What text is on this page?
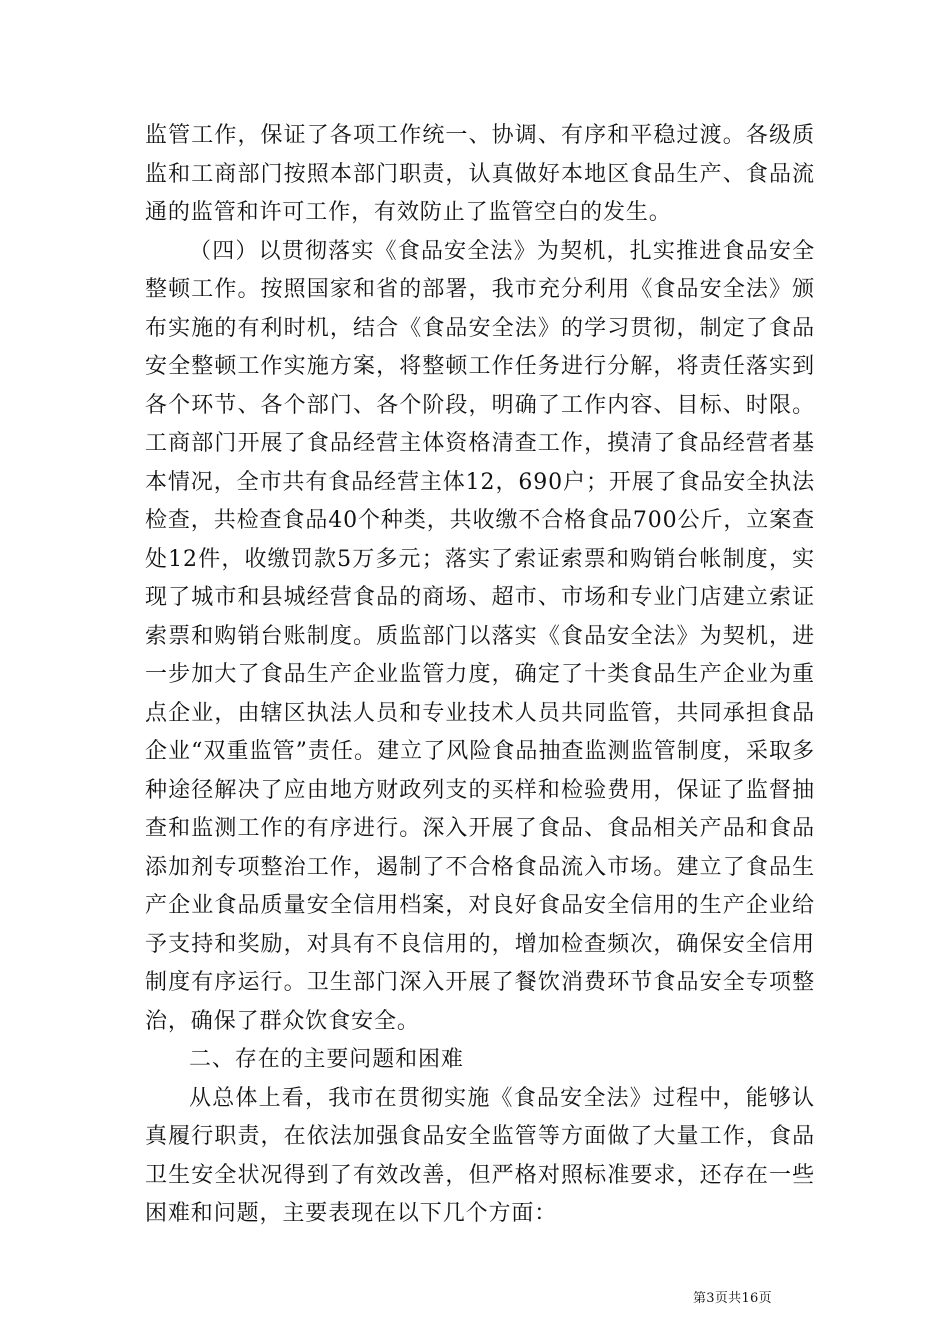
监管工作，保证了各项工作统一、协调、有序和平稳过渡。各级质监和工商部门按照本部门职责，认真做好本地区食品生产、食品流通的监管和许可工作，有效防止了监管空白的发生。

（四）以贯彻落实《食品安全法》为契机，扎实推进食品安全整顿工作。按照国家和省的部署，我市充分利用《食品安全法》颁布实施的有利时机，结合《食品安全法》的学习贯彻，制定了食品安全整顿工作实施方案，将整顿工作任务进行分解，将责任落实到各个环节、各个部门、各个阶段，明确了工作内容、目标、时限。工商部门开展了食品经营主体资格清查工作，摸清了食品经营者基本情况，全市共有食品经营主体12，690户；开展了食品安全执法检查，共检查食品40个种类，共收缴不合格食品700公斤，立案查处12件，收缴罚款5万多元；落实了索证索票和购销台帐制度，实现了城市和县城经营食品的商场、超市、市场和专业门店建立索证索票和购销台账制度。质监部门以落实《食品安全法》为契机，进一步加大了食品生产企业监管力度，确定了十类食品生产企业为重点企业，由辖区执法人员和专业技术人员共同监管，共同承担食品企业“双重监管”责任。建立了风险食品抽查监测监管制度，采取多种途径解决了应由地方财政列支的买样和检验费用，保证了监督抽查和监测工作的有序进行。深入开展了食品、食品相关产品和食品添加剂专项整治工作，遏制了不合格食品流入市场。建立了食品生产企业食品质量安全信用档案，对良好食品安全信用的生产企业给予支持和奖励，对具有不良信用的，增加检查频次，确保安全信用制度有序运行。卫生部门深入开展了餐饮消费环节食品安全专项整治，确保了群众饮食安全。

二、存在的主要问题和困难

从总体上看，我市在贯彻实施《食品安全法》过程中，能够认真履行职责，在依法加强食品安全监管等方面做了大量工作，食品卫生安全状况得到了有效改善，但严格对照标准要求，还存在一些困难和问题，主要表现在以下几个方面：

第3页共16页
